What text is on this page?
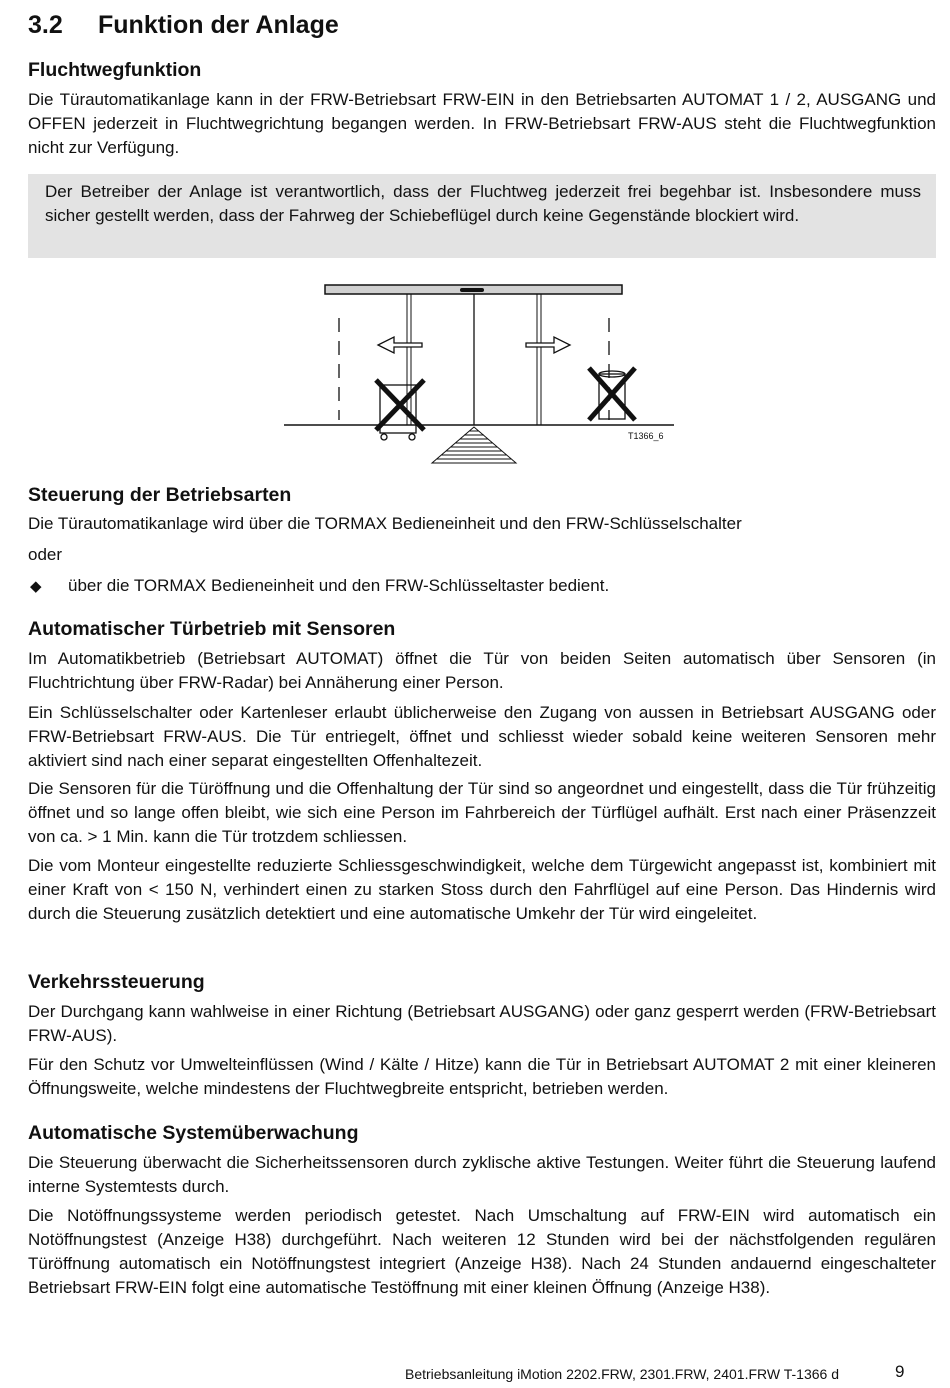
3.2 Funktion der Anlage
Fluchtwegfunktion
Die Türautomatikanlage kann in der FRW-Betriebsart FRW-EIN in den Betriebsarten AUTOMAT 1 / 2, AUSGANG und OFFEN jederzeit in Fluchtwegrichtung begangen werden. In FRW-Betriebsart FRW-AUS steht die Fluchtwegfunktion nicht zur Verfügung.
Der Betreiber der Anlage ist verantwortlich, dass der Fluchtweg jederzeit frei begehbar ist. Insbesondere muss sicher gestellt werden, dass der Fahrweg der Schiebeflügel durch keine Gegenstände blockiert wird.
T1366_6
Steuerung der Betriebsarten
Die Türautomatikanlage wird über die TORMAX Bedieneinheit und den FRW-Schlüsselschalter
oder
◆ über die TORMAX Bedieneinheit und den FRW-Schlüsseltaster bedient.
Automatischer Türbetrieb mit Sensoren
Im Automatikbetrieb (Betriebsart AUTOMAT) öffnet die Tür von beiden Seiten automatisch über Sensoren (in Fluchtrichtung über FRW-Radar) bei Annäherung einer Person.
Ein Schlüsselschalter oder Kartenleser erlaubt üblicherweise den Zugang von aussen in Betriebsart AUSGANG oder FRW-Betriebsart FRW-AUS. Die Tür entriegelt, öffnet und schliesst wieder sobald keine weiteren Sensoren mehr aktiviert sind nach einer separat eingestellten Offenhaltezeit.
Die Sensoren für die Türöffnung und die Offenhaltung der Tür sind so angeordnet und eingestellt, dass die Tür frühzeitig öffnet und so lange offen bleibt, wie sich eine Person im Fahrbereich der Türflügel aufhält. Erst nach einer Präsenzzeit von ca. > 1 Min. kann die Tür trotzdem schliessen.
Die vom Monteur eingestellte reduzierte Schliessgeschwindigkeit, welche dem Türgewicht angepasst ist, kombiniert mit einer Kraft von < 150 N, verhindert einen zu starken Stoss durch den Fahrflügel auf eine Person. Das Hindernis wird durch die Steuerung zusätzlich detektiert und eine automatische Umkehr der Tür wird eingeleitet.
Verkehrssteuerung
Der Durchgang kann wahlweise in einer Richtung (Betriebsart AUSGANG) oder ganz gesperrt werden (FRW-Betriebsart FRW-AUS).
Für den Schutz vor Umwelteinflüssen (Wind / Kälte / Hitze) kann die Tür in Betriebsart AUTOMAT 2 mit einer kleineren Öffnungsweite, welche mindestens der Fluchtwegbreite entspricht, betrieben werden.
Automatische Systemüberwachung
Die Steuerung überwacht die Sicherheitssensoren durch zyklische aktive Testungen. Weiter führt die Steuerung laufend interne Systemtests durch.
Die Notöffnungssysteme werden periodisch getestet. Nach Umschaltung auf FRW-EIN wird automatisch ein Notöffnungstest (Anzeige H38) durchgeführt. Nach weiteren 12 Stunden wird bei der nächstfolgenden regulären Türöffnung automatisch ein Notöffnungstest integriert (Anzeige H38). Nach 24 Stunden andauernd eingeschalteter Betriebsart FRW-EIN folgt eine automatische Testöffnung mit einer kleinen Öffnung (Anzeige H38).
Betriebsanleitung iMotion 2202.FRW, 2301.FRW, 2401.FRW T-1366 d	9
